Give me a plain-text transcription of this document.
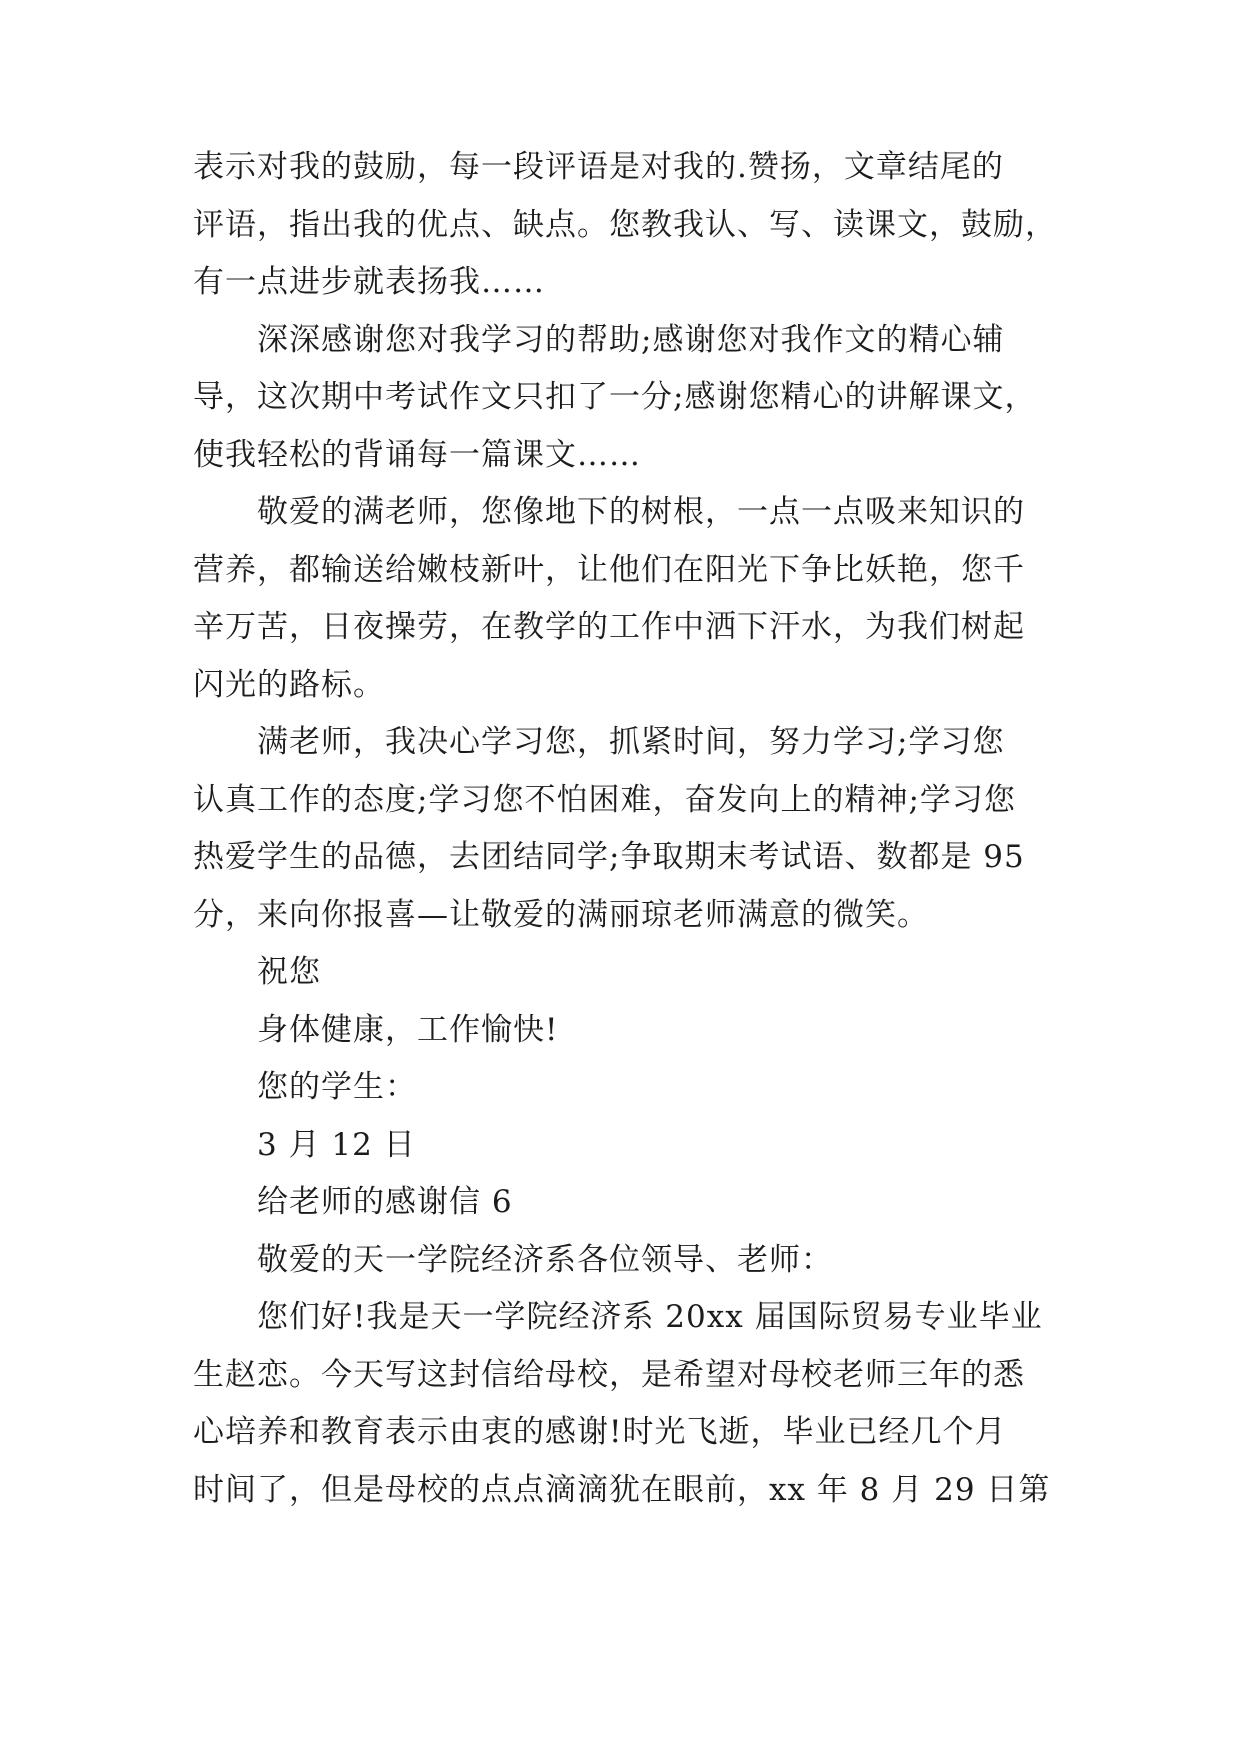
表示对我的鼓励，每一段评语是对我的.赞扬，文章结尾的
评语，指出我的优点、缺点。您教我认、写、读课文，鼓励，
有一点进步就表扬我……
深深感谢您对我学习的帮助;感谢您对我作文的精心辅
导，这次期中考试作文只扣了一分;感谢您精心的讲解课文，
使我轻松的背诵每一篇课文……
敬爱的满老师，您像地下的树根，一点一点吸来知识的
营养，都输送给嫩枝新叶，让他们在阳光下争比妖艳，您千
辛万苦，日夜操劳，在教学的工作中洒下汗水，为我们树起
闪光的路标。
满老师，我决心学习您，抓紧时间，努力学习;学习您
认真工作的态度;学习您不怕困难，奋发向上的精神;学习您
热爱学生的品德，去团结同学;争取期末考试语、数都是 95
分，来向你报喜—让敬爱的满丽琼老师满意的微笑。
祝您
身体健康，工作愉快!
您的学生：
3 月 12 日
给老师的感谢信 6
敬爱的天一学院经济系各位领导、老师：
您们好!我是天一学院经济系 20xx 届国际贸易专业毕业
生赵恋。今天写这封信给母校，是希望对母校老师三年的悉
心培养和教育表示由衷的感谢!时光飞逝，毕业已经几个月
时间了，但是母校的点点滴滴犹在眼前，xx 年 8 月 29 日第
